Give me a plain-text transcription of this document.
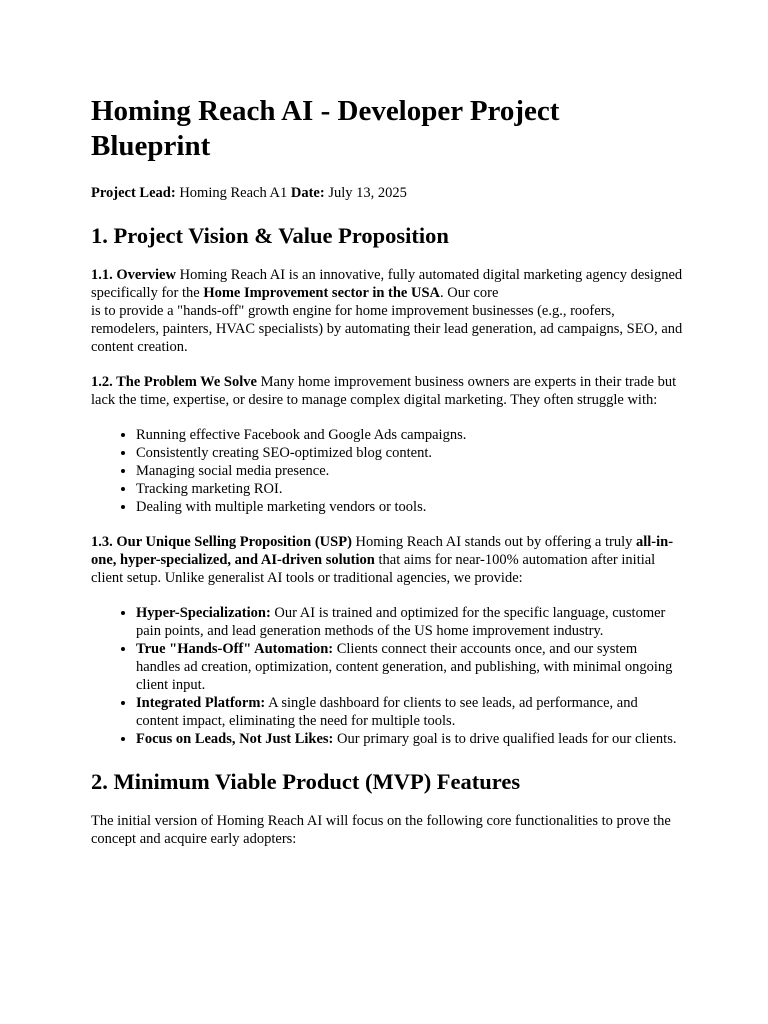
Homing Reach AI - Developer Project Blueprint

Project Lead: Homing Reach A1 Date: July 13, 2025

1. Project Vision & Value Proposition

1.1. Overview Homing Reach AI is an innovative, fully automated digital marketing agency designed specifically for the Home Improvement sector in the USA. Our core
is to provide a "hands-off" growth engine for home improvement businesses (e.g., roofers, remodelers, painters, HVAC specialists) by automating their lead generation, ad campaigns, SEO, and content creation.

1.2. The Problem We Solve Many home improvement business owners are experts in their trade but lack the time, expertise, or desire to manage complex digital marketing. They often struggle with:

• Running effective Facebook and Google Ads campaigns.
• Consistently creating SEO-optimized blog content.
• Managing social media presence.
• Tracking marketing ROI.
• Dealing with multiple marketing vendors or tools.

1.3. Our Unique Selling Proposition (USP) Homing Reach AI stands out by offering a truly all-in-one, hyper-specialized, and AI-driven solution that aims for near-100% automation after initial client setup. Unlike generalist AI tools or traditional agencies, we provide:

• Hyper-Specialization: Our AI is trained and optimized for the specific language, customer pain points, and lead generation methods of the US home improvement industry.
• True "Hands-Off" Automation: Clients connect their accounts once, and our system handles ad creation, optimization, content generation, and publishing, with minimal ongoing client input.
• Integrated Platform: A single dashboard for clients to see leads, ad performance, and content impact, eliminating the need for multiple tools.
• Focus on Leads, Not Just Likes: Our primary goal is to drive qualified leads for our clients.
2. Minimum Viable Product (MVP) Features

The initial version of Homing Reach AI will focus on the following core functionalities to prove the concept and acquire early adopters:
